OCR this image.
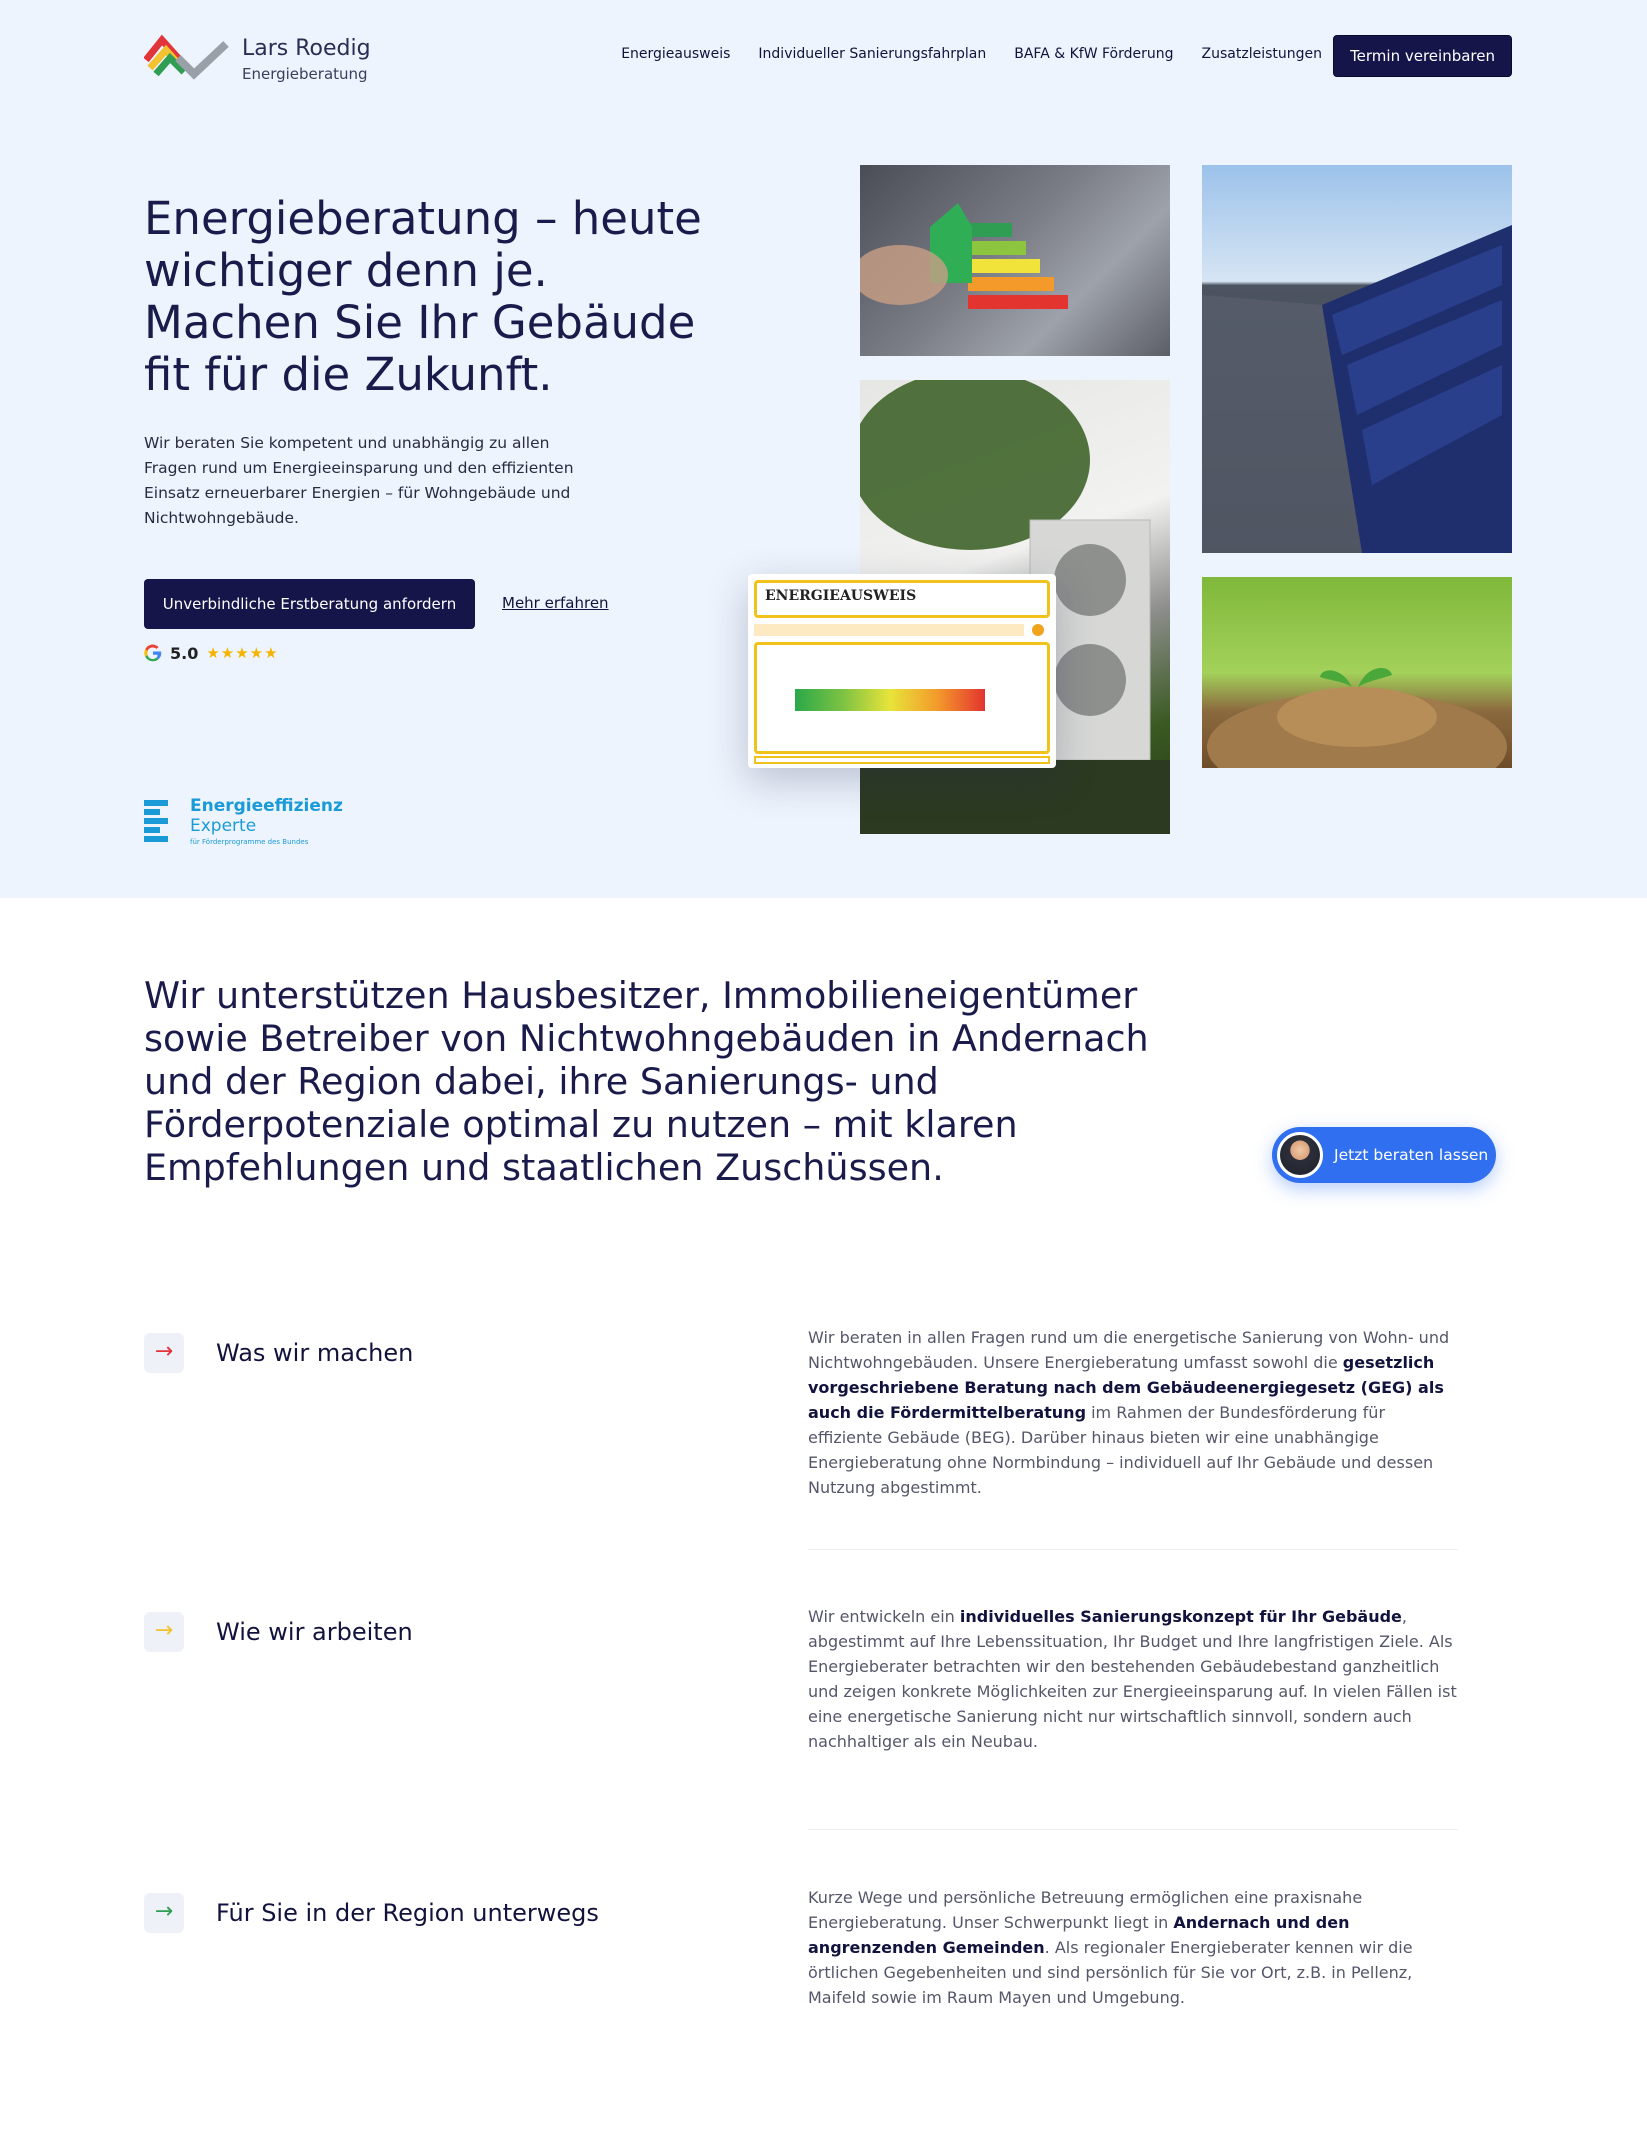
Lars Roedig
Energieberatung
Energieausweis Individueller Sanierungsfahrplan BAFA & KfW Förderung Zusatzleistungen	Termin vereinbaren
Energieberatung – heute wichtiger denn je. Machen Sie Ihr Gebäude fit für die Zukunft.

Wir beraten Sie kompetent und unabhängig zu allen Fragen rund um Energieeinsparung und den effizienten Einsatz erneuerbarer Energien – für Wohngebäude und Nichtwohngebäude.

Unverbindliche Erstberatung anfordern	Mehr erfahren
5.0 ★★★★★
Energieeffizienz
Experte
für Förderprogramme des Bundes
ENERGIEAUSWEIS

Wir unterstützen Hausbesitzer, Immobilieneigentümer sowie Betreiber von Nichtwohngebäuden in Andernach und der Region dabei, ihre Sanierungs- und Förderpotenziale optimal zu nutzen – mit klaren Empfehlungen und staatlichen Zuschüssen.	Jetzt beraten lassen
→	Was wir machen

Wir beraten in allen Fragen rund um die energetische Sanierung von Wohn- und Nichtwohngebäuden. Unsere Energieberatung umfasst sowohl die gesetzlich vorgeschriebene Beratung nach dem Gebäudeenergiegesetz (GEG) als auch die Fördermittelberatung im Rahmen der Bundesförderung für effiziente Gebäude (BEG). Darüber hinaus bieten wir eine unabhängige Energieberatung ohne Normbindung – individuell auf Ihr Gebäude und dessen Nutzung abgestimmt.

→	Wie wir arbeiten

Wir entwickeln ein individuelles Sanierungskonzept für Ihr Gebäude, abgestimmt auf Ihre Lebenssituation, Ihr Budget und Ihre langfristigen Ziele. Als Energieberater betrachten wir den bestehenden Gebäudebestand ganzheitlich und zeigen konkrete Möglichkeiten zur Energieeinsparung auf. In vielen Fällen ist eine energetische Sanierung nicht nur wirtschaftlich sinnvoll, sondern auch nachhaltiger als ein Neubau.

→	Für Sie in der Region unterwegs

Kurze Wege und persönliche Betreuung ermöglichen eine praxisnahe Energieberatung. Unser Schwerpunkt liegt in Andernach und den angrenzenden Gemeinden. Als regionaler Energieberater kennen wir die örtlichen Gegebenheiten und sind persönlich für Sie vor Ort, z.B. in Pellenz, Maifeld sowie im Raum Mayen und Umgebung.
